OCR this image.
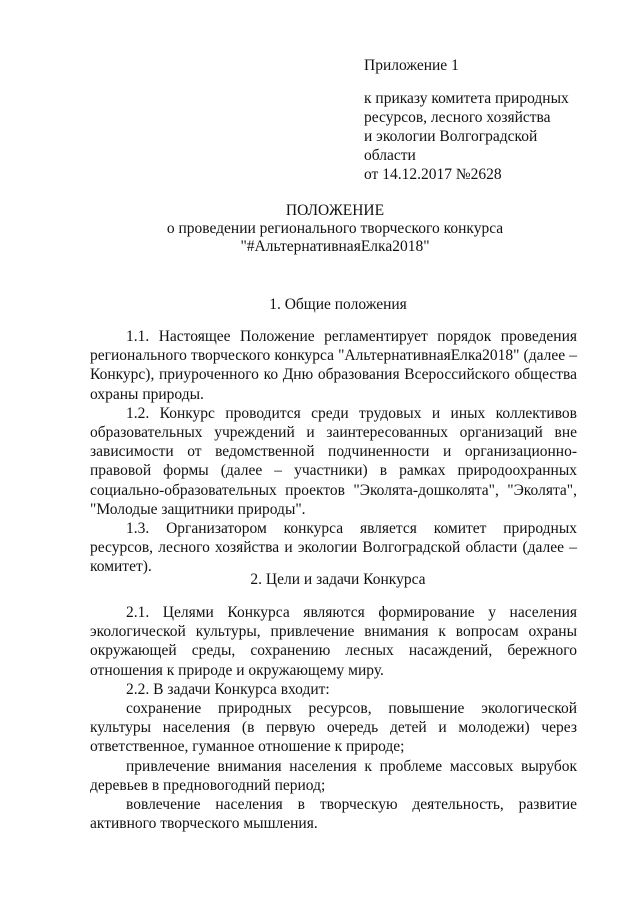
Приложение 1
к приказу комитета природных
ресурсов, лесного хозяйства
и экологии Волгоградской
области
от 14.12.2017 №2628
ПОЛОЖЕНИЕ
о проведении регионального творческого конкурса
"#АльтернативнаяЕлка2018"
1. Общие положения

1.1. Настоящее Положение регламентирует порядок проведения регионального творческого конкурса "АльтернативнаяЕлка2018" (далее – Конкурс), приуроченного ко Дню образования Всероссийского общества охраны природы.

1.2. Конкурс проводится среди трудовых и иных коллективов образовательных учреждений и заинтересованных организаций вне зависимости от ведомственной подчиненности и организационно-правовой формы (далее – участники) в рамках природоохранных социально-образовательных проектов "Эколята-дошколята", "Эколята", "Молодые защитники природы".

1.3. Организатором конкурса является комитет природных ресурсов, лесного хозяйства и экологии Волгоградской области (далее – комитет).

2. Цели и задачи Конкурса

2.1. Целями Конкурса являются формирование у населения экологической культуры, привлечение внимания к вопросам охраны окружающей среды, сохранению лесных насаждений, бережного отношения к природе и окружающему миру.

2.2. В задачи Конкурса входит:

сохранение природных ресурсов, повышение экологической культуры населения (в первую очередь детей и молодежи) через ответственное, гуманное отношение к природе;

привлечение внимания населения к проблеме массовых вырубок деревьев в предновогодний период;

вовлечение населения в творческую деятельность, развитие активного творческого мышления.
